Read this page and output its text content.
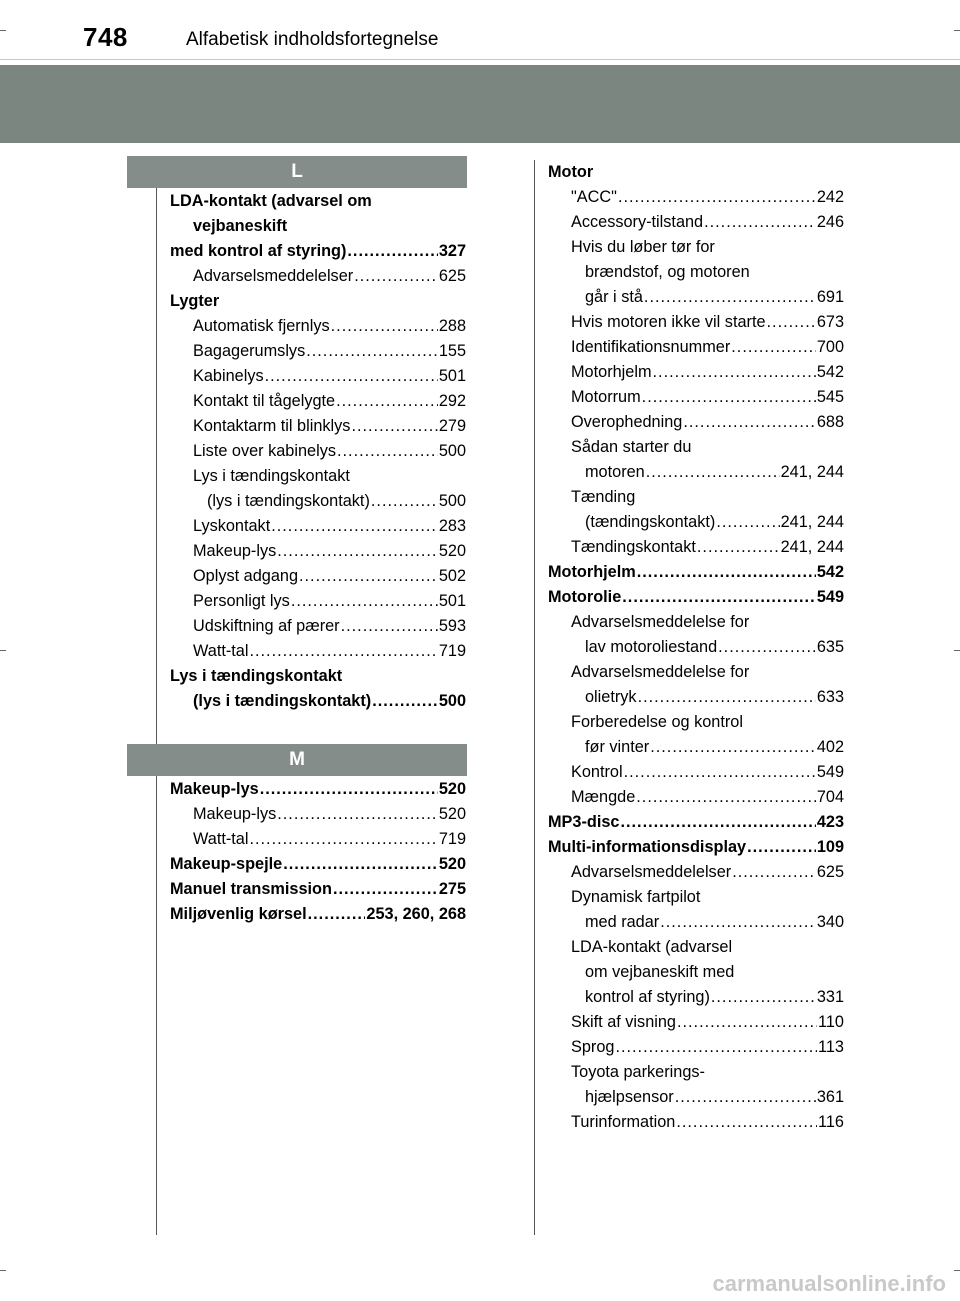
748	Alfabetisk indholdsfortegnelse
L
LDA-kontakt (advarsel om
vejbaneskift
med kontrol af styring) .....	327
Advarselsmeddelelser .....	625
Lygter
Automatisk fjernlys .....	288
Bagagerumslys .....	155
Kabinelys .....	501
Kontakt til tågelygte .....	292
Kontaktarm til blinklys .....	279
Liste over kabinelys .....	500
Lys i tændingskontakt
(lys i tændingskontakt) .....	500
Lyskontakt .....	283
Makeup-lys .....	520
Oplyst adgang .....	502
Personligt lys .....	501
Udskiftning af pærer .....	593
Watt-tal .....	719
Lys i tændingskontakt
(lys i tændingskontakt) .....	500
M
Makeup-lys .....	520
Makeup-lys .....	520
Watt-tal .....	719
Makeup-spejle .....	520
Manuel transmission .....	275
Miljøvenlig kørsel .....	253, 260, 268
Motor
"ACC" .....	242
Accessory-tilstand .....	246
Hvis du løber tør for
brændstof, og motoren
går i stå .....	691
Hvis motoren ikke vil starte .....	673
Identifikationsnummer .....	700
Motorhjelm .....	542
Motorrum .....	545
Overophedning .....	688
Sådan starter du
motoren .....	241, 244
Tænding
(tændingskontakt) .....	241, 244
Tændingskontakt .....	241, 244
Motorhjelm .....	542
Motorolie .....	549
Advarselsmeddelelse for
lav motoroliestand .....	635
Advarselsmeddelelse for
olietryk .....	633
Forberedelse og kontrol
før vinter .....	402
Kontrol .....	549
Mængde .....	704
MP3-disc .....	423
Multi-informationsdisplay .....	109
Advarselsmeddelelser .....	625
Dynamisk fartpilot
med radar .....	340
LDA-kontakt (advarsel
om vejbaneskift med
kontrol af styring) .....	331
Skift af visning .....	110
Sprog .....	113
Toyota parkerings-
hjælpsensor .....	361
Turinformation .....	116
carmanualsonline.info
